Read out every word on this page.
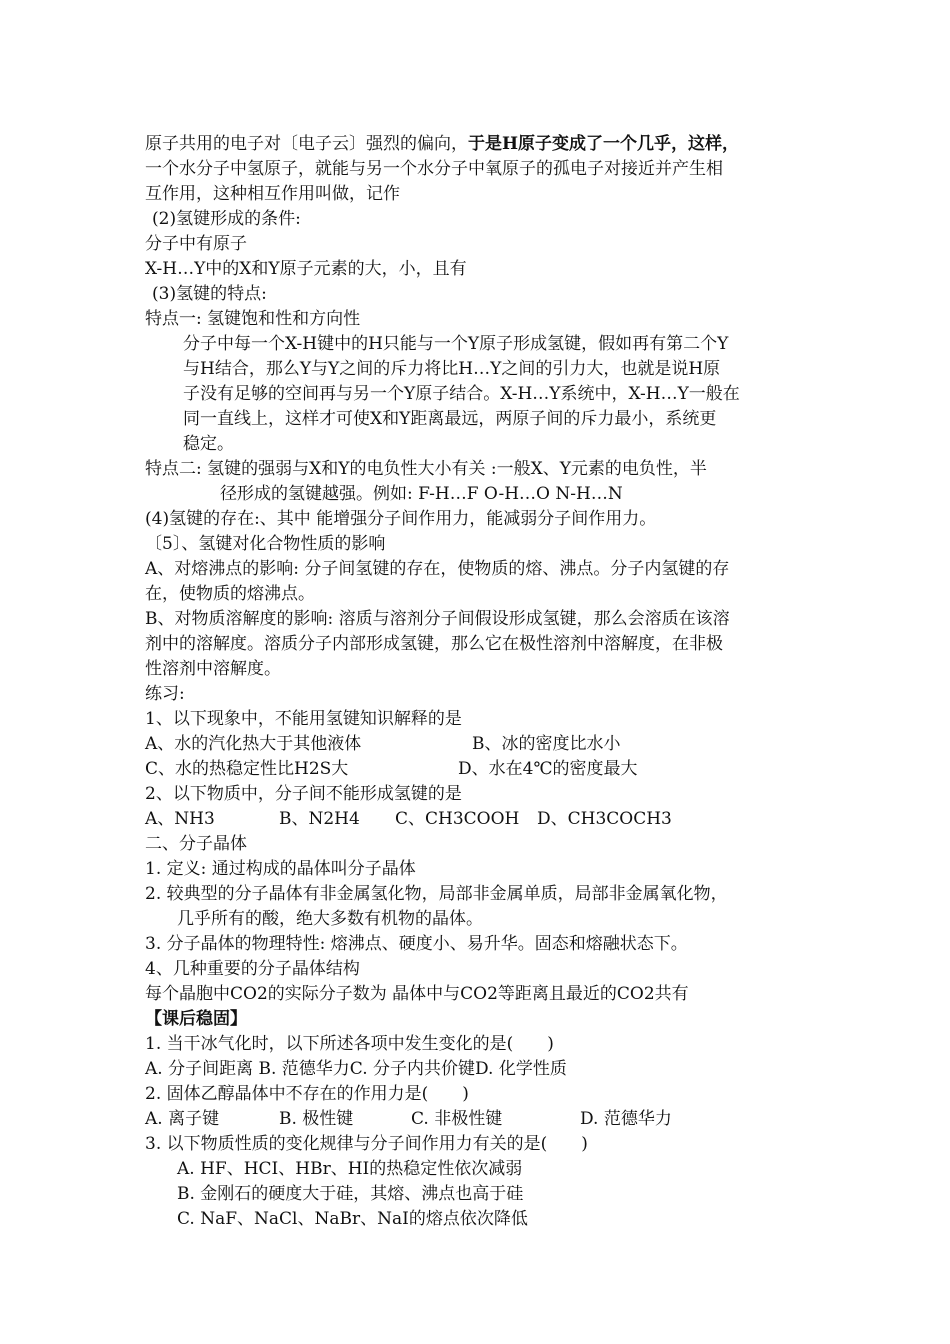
原子共用的电子对〔电子云〕强烈的偏向，于是H原子变成了一个几乎，这样，
一个水分子中氢原子，就能与另一个水分子中氧原子的孤电子对接近并产生相
互作用，这种相互作用叫做，记作
(2)氢键形成的条件:
分子中有原子
X-H…Y中的X和Y原子元素的大，小，且有
(3)氢键的特点:
特点一: 氢键饱和性和方向性
分子中每一个X-H键中的H只能与一个Y原子形成氢键，假如再有第二个Y
与H结合，那么Y与Y之间的斥力将比H…Y之间的引力大，也就是说H原
子没有足够的空间再与另一个Y原子结合。X-H…Y系统中，X-H…Y一般在
同一直线上，这样才可使X和Y距离最远，两原子间的斥力最小，系统更
稳定。
特点二: 氢键的强弱与X和Y的电负性大小有关 :一般X、Y元素的电负性，半
径形成的氢键越强。例如: F-H…F O-H…O N-H…N
(4)氢键的存在:、其中 能增强分子间作用力，能减弱分子间作用力。
〔5〕、氢键对化合物性质的影响
A、对熔沸点的影响: 分子间氢键的存在，使物质的熔、沸点。分子内氢键的存
在，使物质的熔沸点。
B、对物质溶解度的影响: 溶质与溶剂分子间假设形成氢键，那么会溶质在该溶
剂中的溶解度。溶质分子内部形成氢键，那么它在极性溶剂中溶解度，在非极
性溶剂中溶解度。
练习:
1、以下现象中，不能用氢键知识解释的是
A、水的汽化热大于其他液体	B、冰的密度比水小
C、水的热稳定性比H2S大	D、水在4℃的密度最大
2、以下物质中，分子间不能形成氢键的是
A、NH3	B、N2H4 C、CH3COOH D、CH3COCH3
二、分子晶体
1. 定义: 通过构成的晶体叫分子晶体
2. 较典型的分子晶体有非金属氢化物，局部非金属单质，局部非金属氧化物，
几乎所有的酸，绝大多数有机物的晶体。
3. 分子晶体的物理特性: 熔沸点、硬度小、易升华。固态和熔融状态下。
4、几种重要的分子晶体结构
每个晶胞中CO2的实际分子数为 晶体中与CO2等距离且最近的CO2共有
【课后稳固】
1. 当干冰气化时，以下所述各项中发生变化的是(　　)
A. 分子间距离 B. 范德华力C. 分子内共价键D. 化学性质
2. 固体乙醇晶体中不存在的作用力是(　　)
A. 离子键	B. 极性键	C. 非极性键	D. 范德华力
3. 以下物质性质的变化规律与分子间作用力有关的是(　　)
A. HF、HCI、HBr、HI的热稳定性依次减弱
B. 金刚石的硬度大于硅，其熔、沸点也高于硅
C. NaF、NaCl、NaBr、NaI的熔点依次降低
